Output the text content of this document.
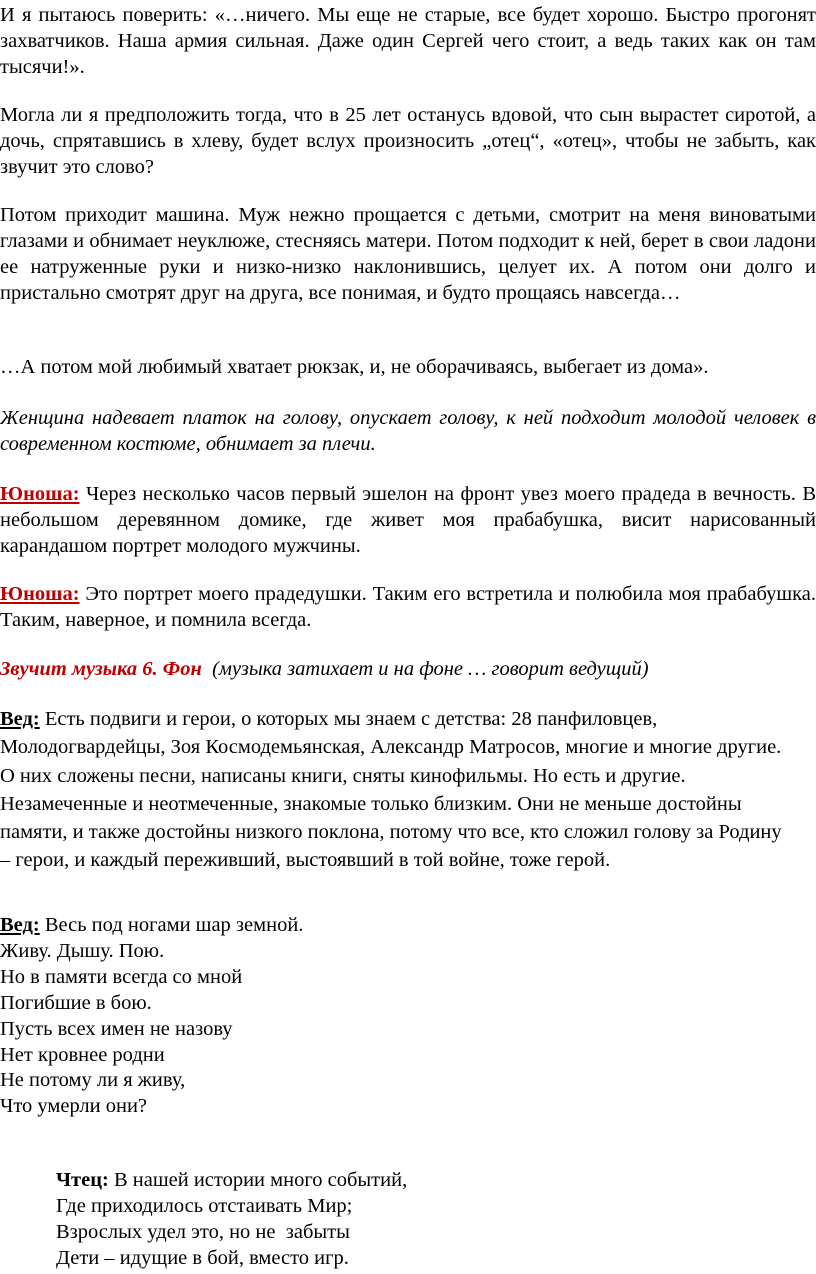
И я пытаюсь поверить: «…ничего. Мы еще не старые, все будет хорошо. Быстро прогонят захватчиков. Наша армия сильная. Даже один Сергей чего стоит, а ведь таких как он там тысячи!».

Могла ли я предположить тогда, что в 25 лет останусь вдовой, что сын вырастет сиротой, а дочь, спрятавшись в хлеву, будет вслух произносить „отец“, «отец», чтобы не забыть, как звучит это слово?

Потом приходит машина. Муж нежно прощается с детьми, смотрит на меня виноватыми глазами и обнимает неуклюже, стесняясь матери. Потом подходит к ней, берет в свои ладони ее натруженные руки и низко-низко наклонившись, целует их. А потом они долго и пристально смотрят друг на друга, все понимая, и будто прощаясь навсегда…

…А потом мой любимый хватает рюкзак, и, не оборачиваясь, выбегает из дома».

Женщина надевает платок на голову, опускает голову, к ней подходит молодой человек в современном костюме, обнимает за плечи.

Юноша: Через несколько часов первый эшелон на фронт увез моего прадеда в вечность. В небольшом деревянном домике, где живет моя прабабушка, висит нарисованный карандашом портрет молодого мужчины.

Юноша: Это портрет моего прадедушки. Таким его встретила и полюбила моя прабабушка. Таким, наверное, и помнила всегда.

Звучит музыка 6. Фон  (музыка затихает и на фоне … говорит ведущий)

Вед: Есть подвиги и герои, о которых мы знаем с детства: 28 панфиловцев, Молодогвардейцы, Зоя Космодемьянская, Александр Матросов, многие и многие другие. О них сложены песни, написаны книги, сняты кинофильмы. Но есть и другие. Незамеченные и неотмеченные, знакомые только близким. Они не меньше достойны памяти, и также достойны низкого поклона, потому что все, кто сложил голову за Родину – герои, и каждый переживший, выстоявший в той войне, тоже герой.

Вед: Весь под ногами шар земной.
Живу. Дышу. Пою.
Но в памяти всегда со мной
Погибшие в бою.
Пусть всех имен не назову
Нет кровнее родни
Не потому ли я живу,
Что умерли они?
Чтец: В нашей истории много событий,
Где приходилось отстаивать Мир;
Взрослых удел это, но не  забыты
Дети – идущие в бой, вместо игр.
